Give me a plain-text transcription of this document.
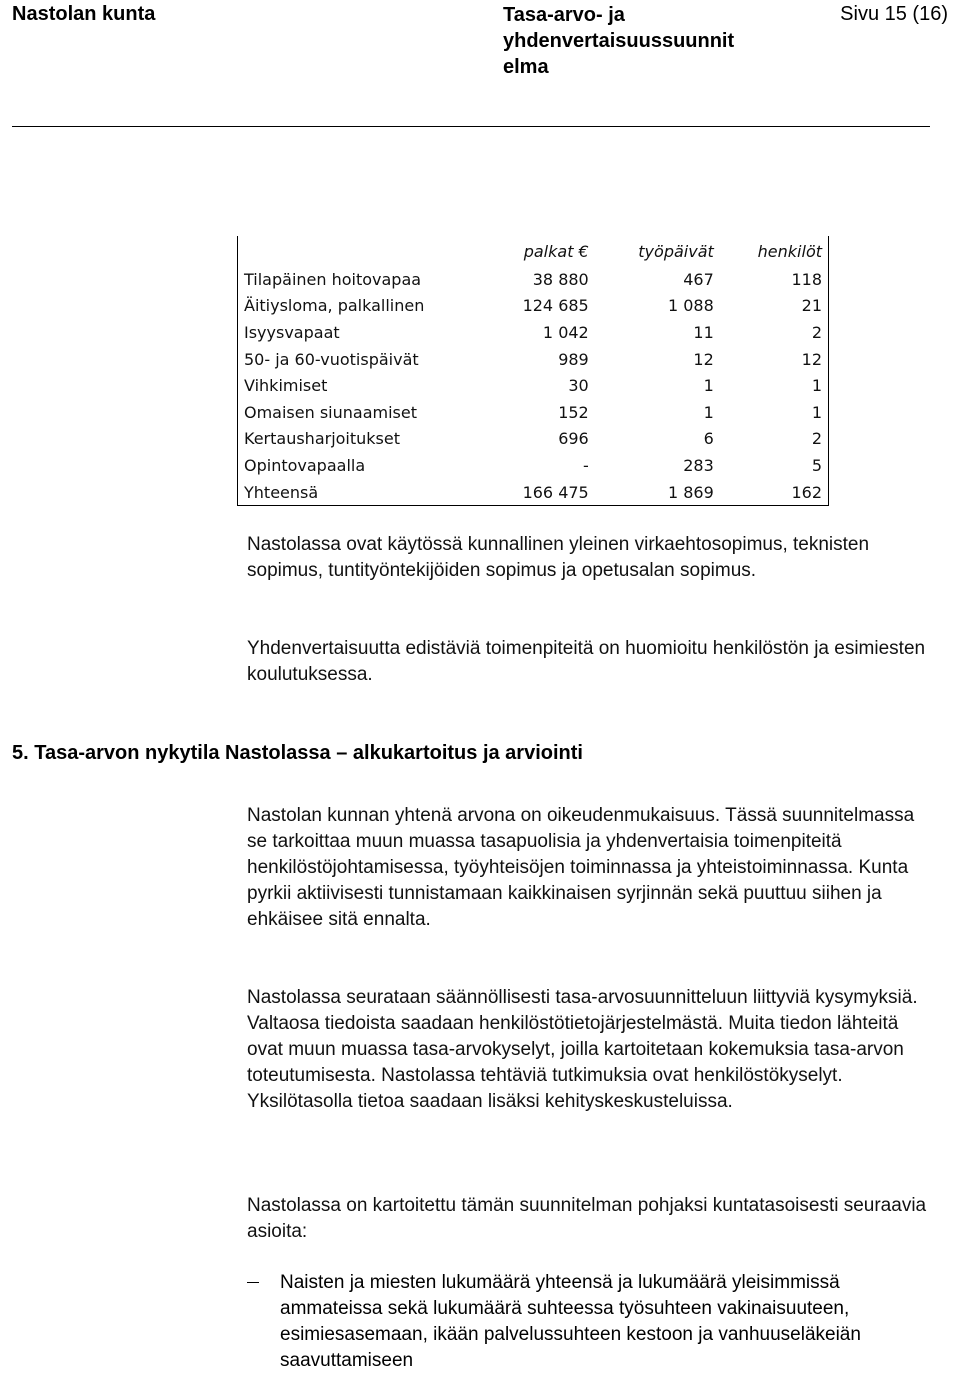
Nastolan kunta	Tasa-arvo- ja
yhdenvertaisuussuunnit
elma
Sivu 15 (16)
	palkat €	työpäivät	henkilöt
Tilapäinen hoitovapaa	38 880	467	118
Äitiysloma, palkallinen	124 685	1 088	21
Isyysvapaat	1 042	11	2
50- ja 60-vuotispäivät	989	12	12
Vihkimiset	30	1	1
Omaisen siunaamiset	152	1	1
Kertausharjoitukset	696	6	2
Opintovapaalla	-	283	5
Yhteensä	166 475	1 869	162

Nastolassa ovat käytössä kunnallinen yleinen virkaehtosopimus, teknisten sopimus, tuntityöntekijöiden sopimus ja opetusalan sopimus.

Yhdenvertaisuutta edistäviä toimenpiteitä on huomioitu henkilöstön ja esimiesten koulutuksessa.

5. Tasa-arvon nykytila Nastolassa – alkukartoitus ja arviointi

Nastolan kunnan yhtenä arvona on oikeudenmukaisuus. Tässä suunnitelmassa se tarkoittaa muun muassa tasapuolisia ja yhdenvertaisia toimenpiteitä henkilöstöjohtamisessa, työyhteisöjen toiminnassa ja yhteistoiminnassa. Kunta pyrkii aktiivisesti tunnistamaan kaikkinaisen syrjinnän sekä puuttuu siihen ja ehkäisee sitä ennalta.

Nastolassa seurataan säännöllisesti tasa-arvosuunnitteluun liittyviä kysymyksiä. Valtaosa tiedoista saadaan henkilöstötietojärjestelmästä. Muita tiedon lähteitä ovat muun muassa tasa-arvokyselyt, joilla kartoitetaan kokemuksia tasa-arvon toteutumisesta. Nastolassa tehtäviä tutkimuksia ovat henkilöstökyselyt. Yksilötasolla tietoa saadaan lisäksi kehityskeskusteluissa.

Nastolassa on kartoitettu tämän suunnitelman pohjaksi kuntatasoisesti seuraavia asioita:

Naisten ja miesten lukumäärä yhteensä ja lukumäärä yleisimmissä ammateissa sekä lukumäärä suhteessa työsuhteen vakinaisuuteen, esimiesasemaan, ikään palvelussuhteen kestoon ja vanhuuseläkeiän saavuttamiseen
